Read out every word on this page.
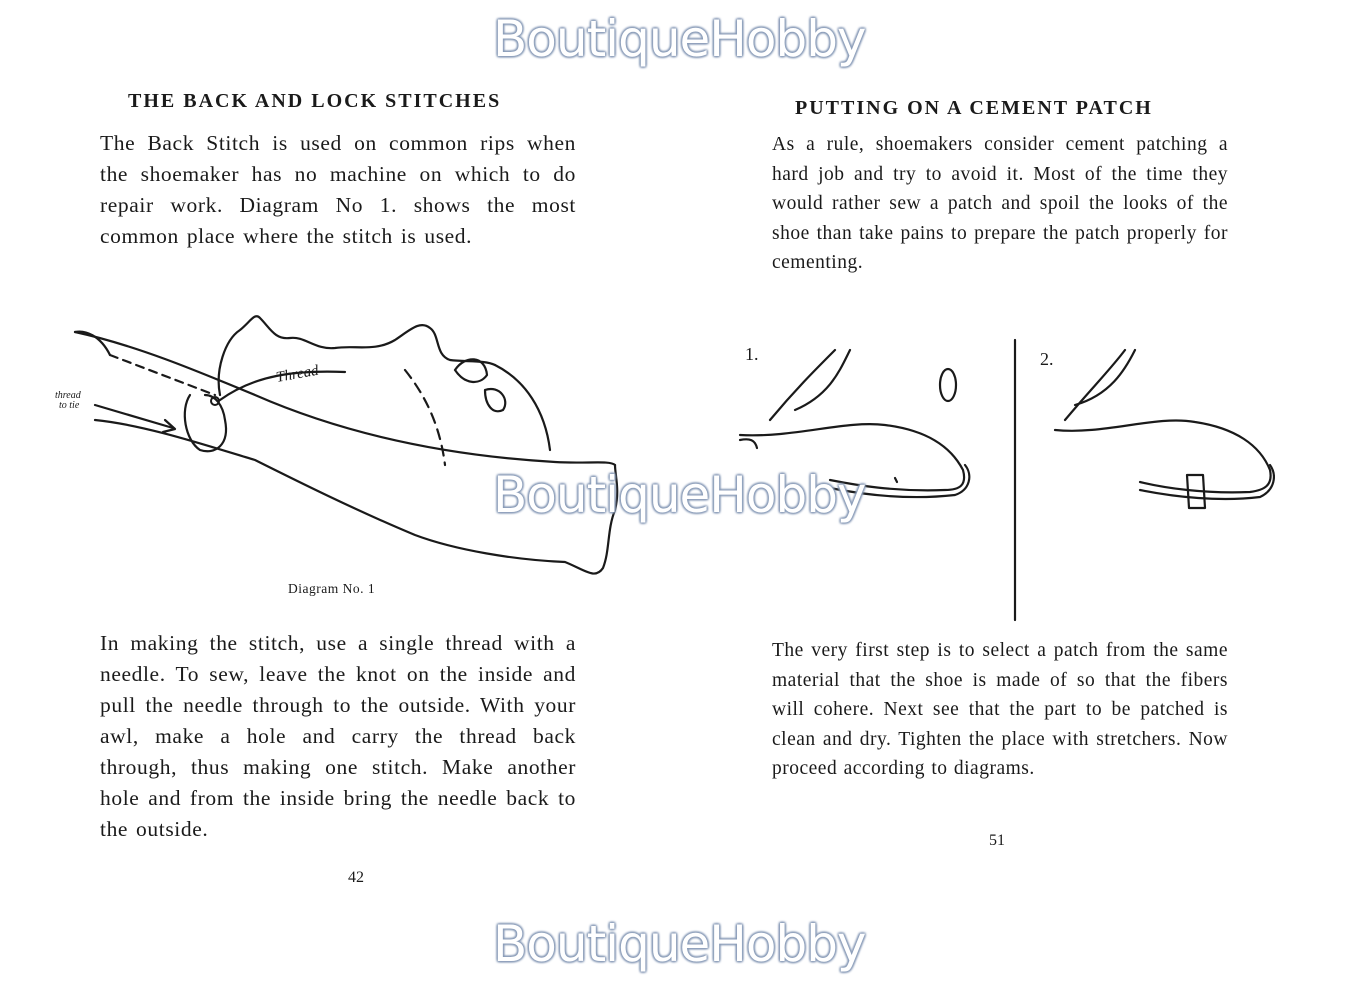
THE BACK AND LOCK STITCHES

The Back Stitch is used on common rips when the shoemaker has no machine on which to do repair work. Diagram No 1. shows the most common place where the stitch is used.

Thread
thread
to tie

Diagram No. 1

In making the stitch, use a single thread with a needle. To sew, leave the knot on the inside and pull the needle through to the outside. With your awl, make a hole and carry the thread back through, thus making one stitch. Make another hole and from the inside bring the needle back to the outside.

42

PUTTING ON A CEMENT PATCH

As a rule, shoemakers consider cement patching a hard job and try to avoid it. Most of the time they would rather sew a patch and spoil the looks of the shoe than take pains to prepare the patch properly for cementing.

1.	2.

The very first step is to select a patch from the same material that the shoe is made of so that the fibers will cohere. Next see that the part to be patched is clean and dry. Tighten the place with stretchers. Now proceed according to diagrams.

51

BoutiqueHobby
BoutiqueHobby
BoutiqueHobby
